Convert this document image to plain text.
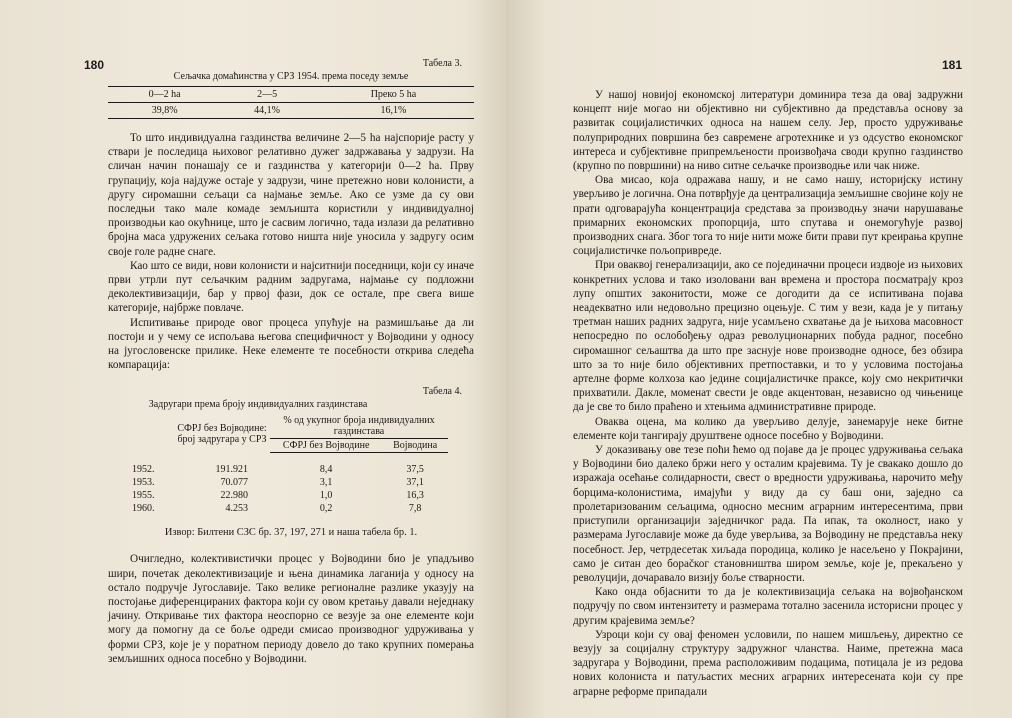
180	Табела 3.
Сељачка домаћинства у СРЗ 1954. према поседу земље
0—2 ha	2—5	Преко 5 ha
39,8%	44,1%	16,1%

То што индивидуална газдинства величине 2—5 ha најспорије расту у ствари је последица њиховог релативно дужег задржавања у задрузи. На сличан начин понашају се и газдинства у категорији 0—2 ha. Прву групацију, која најдуже остаје у задрузи, чине претежно нови колонисти, а другу сиромашни сељаци са најмање земље. Ако се узме да су ови последњи тако мале комаде земљишта користили у индивидуалној производњи као окућнице, што је сасвим логично, тада излази да релативно бројна маса удружених сељака готово ништа није уносила у задругу осим своје голе радне снаге.

Као што се види, нови колонисти и најситнији поседници, који су иначе први утрли пут сељачким радним задругама, најмање су подложни деколективизацији, бар у првој фази, док се остале, пре свега више категорије, најбрже повлаче.

Испитивање природе овог процеса упућује на размишљање да ли постоји и у чему се испољава његова специфичност у Војводини у односу на југословенске прилике. Неке елементе те посебности открива следећа компарација:

Табела 4.
Задругари према броју индивидуалних газдинстава
	СФРЈ без Војводине: број задругара у СРЗ	% од укупног броја индивидуалних газдинстава	
		СФРЈ без Војводине	Војводина

1952.	191.921	8,4	37,5
1953.	70.077	3,1	37,1
1955.	22.980	1,0	16,3
1960.	4.253	0,2	7,8
Извор: Билтени СЗС бр. 37, 197, 271 и наша табела бр. 1.

Очигледно, колективистички процес у Војводини био је упадљиво шири, почетак деколективизације и њена динамика лаганија у односу на остало подручје Југославије. Тако велике регионалне разлике указују на постојање диференцираних фактора који су овом кретању давали неједнаку јачину. Откривање тих фактора неоспорно се везује за оне елементе који могу да помогну да се боље одреди смисао производног удруживања у форми СРЗ, које је у поратном периоду довело до тако крупних померања земљишних односа посебно у Војводини.

181

У нашој новијој економској литератури доминира теза да овај задружни концепт није могао ни објективно ни субјективно да представља основу за развитак социјалистичких односа на нашем селу. Јер, просто удруживање полуприродних површина без савремене агротехнике и уз одсуство економског интереса и субјективне припремљености произвођача своди крупно газдинство (крупно по површини) на ниво ситне сељачке производње или чак ниже.

Ова мисао, која одражава нашу, и не само нашу, историјску истину уверљиво је логична. Она потврђује да централизација земљишне својине коју не прати одговарајућа концентрација средстава за производњу значи нарушавање примарних економских пропорција, што спутава и онемогућује развој производних снага. Због тога то није нити може бити прави пут креирања крупне социјалистичке пољопривреде.

При оваквој генерализацији, ако се појединачни процеси издвоје из њихових конкретних услова и тако изоловани ван времена и простора посматрају кроз лупу општих законитости, може се догодити да се испитивана појава неадекватно или недовољно прецизно оцењује. С тим у вези, када је у питању третман наших радних задруга, није усамљено схватање да је њихова масовност непосредно по ослобођењу одраз револуционарних побуда радног, посебно сиромашног сељаштва да што пре заснује нове производне односе, без обзира што за то није било објективних претпоставки, и то у условима постојања артелне форме колхоза као једине социјалистичке праксе, коју смо некритички прихватили. Дакле, моменат свести је овде акцентован, независно од чињенице да је све то било праћено и хтењима административне природе.

Оваква оцена, ма колико да уверљиво делује, занемарује неке битне елементе који тангирају друштвене односе посебно у Војводини.

У доказивању ове тезе поћи ћемо од појаве да је процес удруживања сељака у Војводини био далеко бржи него у осталим крајевима. Ту је свакако дошло до изражаја осећање солидарности, свест о вредности удруживања, нарочито међу борцима-колонистима, имајући у виду да су баш они, заједно са пролетаризованим сељацима, односно месним аграрним интересентима, први приступили организацији заједничког рада. Па ипак, та околност, иако у размерама Југославије може да буде уверљива, за Војводину не представља неку посебност. Јер, четрдесетак хиљада породица, колико је насељено у Покрајини, само је ситан део бораčког становништва широм земље, које је, прекаљено у револуцији, дочаравало визију боље стварности.

Како онда објаснити то да је колективизација сељака на војвођанском подручју по свом интензитету и размерама тотално засенила историсни процес у другим крајевима земље?

Узроци који су овај феномен условили, по нашем мишљењу, директно се везују за социјалну структуру задружног чланства. Наиме, претежна маса задругара у Војводини, према расположивим подацима, потицала је из редова нових колониста и патуљастих месних аграрних интересената који су пре аграрне реформе припадали
